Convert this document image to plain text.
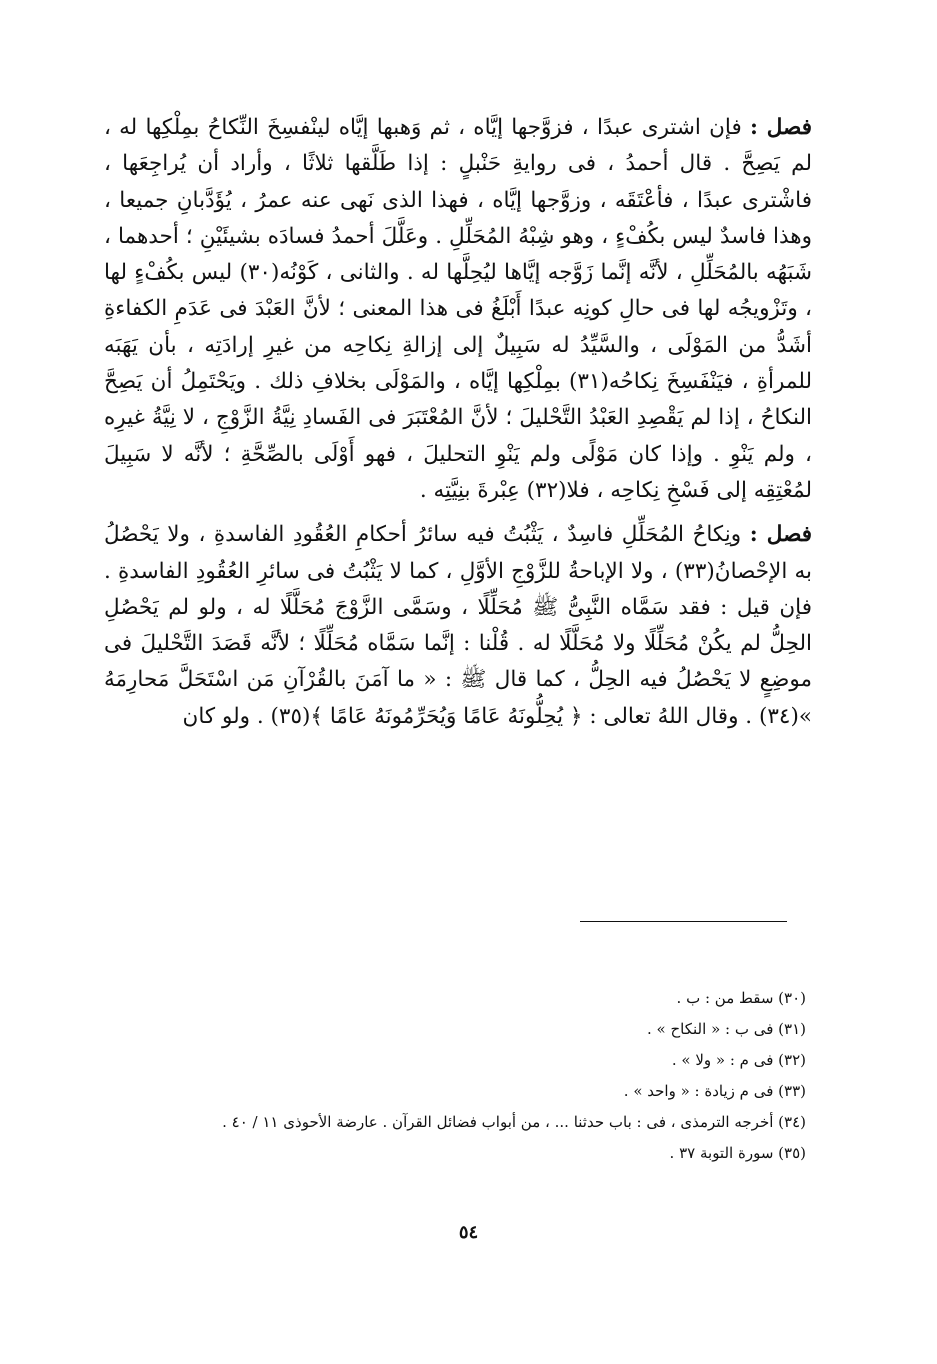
فصل : فإن اشترى عبدًا ، فزوَّجها إيَّاه ، ثم وَهبها إيَّاه لينْفسِخَ النِّكاحُ بمِلْكِها له ، لم يَصِحَّ . قال أحمدُ ، فى روايةِ حَنْبلٍ : إذا طَلَّقها ثلاثًا ، وأراد أن يُراجِعَها ، فاشْترى عبدًا ، فأعْتَقَه ، وزوَّجها إيَّاه ، فهذا الذى نَهى عنه عمرُ ، يُؤَدَّبانِ جميعا ، وهذا فاسدٌ ليس بكُفْءٍ ، وهو شِبْهُ المُحَلِّلِ . وعَلَّلَ أحمدُ فسادَه بشيئَيْنِ ؛ أحدهما ، شَبَهُه بالمُحَلِّلِ ، لأنَّه إنَّما زَوَّجه إيَّاها ليُحِلَّها له . والثانى ، كَوْنُه(٣٠) ليس بكُفْءٍ لها ، وتَزْويجُه لها فى حالِ كونِه عبدًا أَبْلَغُ فى هذا المعنى ؛ لأنَّ العَبْدَ فى عَدَمِ الكفاءةِ أشَدُّ من المَوْلَى ، والسَّيِّدُ له سَبِيلٌ إلى إزالةِ نِكاحِه من غيرِ إرادَتِه ، بأن يَهَبَه للمرأةِ ، فيَنْفَسِخَ نِكاحُه(٣١) بمِلْكِها إيَّاه ، والمَوْلَى بخلافِ ذلك . ويَحْتَمِلُ أن يَصِحَّ النكاحُ ، إذا لم يَقْصِدِ العَبْدُ التَّحْليلَ ؛ لأنَّ المُعْتَبَرَ فى الفَسادِ نِيَّةُ الزَّوْجِ ، لا نِيَّةُ غيرِه ، ولم يَنْوِ . وإذا كان مَوْلًى ولم يَنْوِ التحليلَ ، فهو أَوْلَى بالصِّحَّةِ ؛ لأنَّه لا سَبِيلَ لمُعْتِقِه إلى فَسْخِ نِكاحِه ، فلا(٣٢) عِبْرةَ بنِيَّتِه .

فصل : ونِكاحُ المُحَلِّلِ فاسِدٌ ، يَثْبُتُ فيه سائرُ أحكامِ العُقُودِ الفاسدةِ ، ولا يَحْصُلُ به الإحْصانُ(٣٣) ، ولا الإباحةُ للزَّوْجِ الأوَّلِ ، كما لا يَثْبُتُ فى سائرِ العُقُودِ الفاسدةِ . فإن قيل : فقد سَمَّاه النَّبِىُّ ﷺ مُحَلِّلًا ، وسَمَّى الزَّوْجَ مُحَلَّلًا له ، ولو لم يَحْصُلِ الحِلُّ لم يكُنْ مُحَلِّلًا ولا مُحَلَّلًا له . قُلْنا : إنَّما سَمَّاه مُحَلِّلًا ؛ لأنَّه قَصَدَ التَّحْليلَ فى موضِعٍ لا يَحْصُلُ فيه الحِلُّ ، كما قال ﷺ : « ما آمَنَ بالقُرْآنِ مَن اسْتَحَلَّ مَحارِمَهُ »(٣٤) . وقال اللهُ تعالى : ﴿ يُحِلُّونَهُ عَامًا وَيُحَرِّمُونَهُ عَامًا ﴾(٣٥) . ولو كان

(٣٠) سقط من : ب .
(٣١) فى ب : « النكاح » .
(٣٢) فى م : « ولا » .
(٣٣) فى م زيادة : « واحد » .
(٣٤) أخرجه الترمذى ، فى : باب حدثنا ... ، من أبواب فضائل القرآن . عارضة الأحوذى ١١ / ٤٠ .
(٣٥) سورة التوبة ٣٧ .
٥٤
